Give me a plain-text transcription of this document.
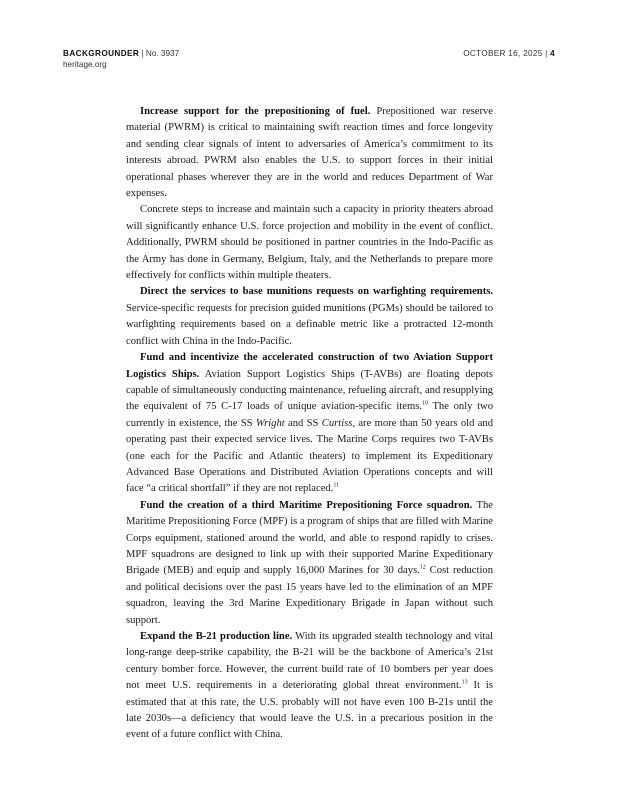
BACKGROUNDER | No. 3937
heritage.org
OCTOBER 16, 2025 | 4

Increase support for the prepositioning of fuel. Prepositioned war reserve material (PWRM) is critical to maintaining swift reaction times and force longevity and sending clear signals of intent to adversaries of America’s commitment to its interests abroad. PWRM also enables the U.S. to support forces in their initial operational phases wherever they are in the world and reduces Department of War expenses.

Concrete steps to increase and maintain such a capacity in priority theaters abroad will significantly enhance U.S. force projection and mobility in the event of conflict. Additionally, PWRM should be positioned in partner countries in the Indo-Pacific as the Army has done in Germany, Belgium, Italy, and the Netherlands to prepare more effectively for conflicts within multiple theaters.

Direct the services to base munitions requests on warfighting requirements. Service-specific requests for precision guided munitions (PGMs) should be tailored to warfighting requirements based on a definable metric like a protracted 12-month conflict with China in the Indo-Pacific.

Fund and incentivize the accelerated construction of two Aviation Support Logistics Ships. Aviation Support Logistics Ships (T-AVBs) are floating depots capable of simultaneously conducting maintenance, refueling aircraft, and resupplying the equivalent of 75 C-17 loads of unique aviation-specific items.$^{10}$ The only two currently in existence, the SS Wright and SS Curtiss, are more than 50 years old and operating past their expected service lives. The Marine Corps requires two T-AVBs (one each for the Pacific and Atlantic theaters) to implement its Expeditionary Advanced Base Operations and Distributed Aviation Operations concepts and will face “a critical shortfall” if they are not replaced.$^{11}$

Fund the creation of a third Maritime Prepositioning Force squadron. The Maritime Prepositioning Force (MPF) is a program of ships that are filled with Marine Corps equipment, stationed around the world, and able to respond rapidly to crises. MPF squadrons are designed to link up with their supported Marine Expeditionary Brigade (MEB) and equip and supply 16,000 Marines for 30 days.$^{12}$ Cost reduction and political decisions over the past 15 years have led to the elimination of an MPF squadron, leaving the 3rd Marine Expeditionary Brigade in Japan without such support.

Expand the B-21 production line. With its upgraded stealth technology and vital long-range deep-strike capability, the B-21 will be the backbone of America’s 21st century bomber force. However, the current build rate of 10 bombers per year does not meet U.S. requirements in a deteriorating global threat environment.$^{13}$ It is estimated that at this rate, the U.S. probably will not have even 100 B-21s until the late 2030s—a deficiency that would leave the U.S. in a precarious position in the event of a future conflict with China.
